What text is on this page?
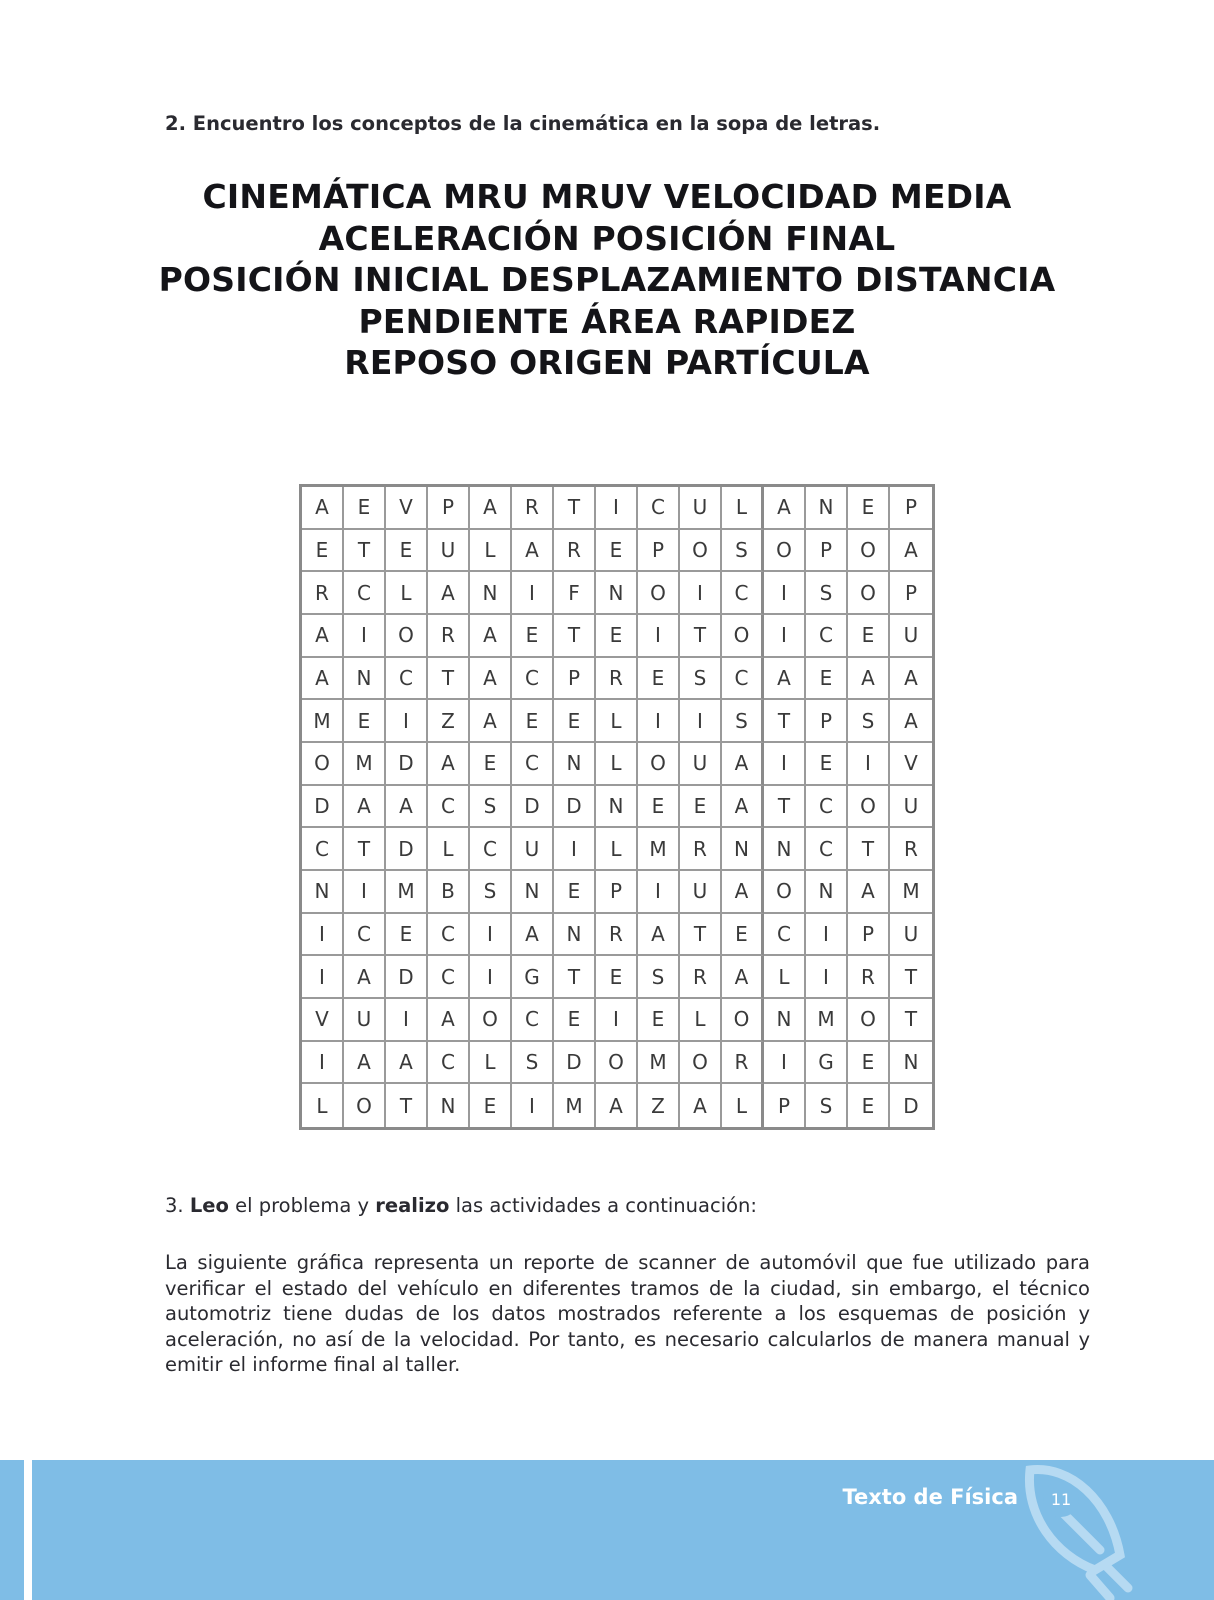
2. Encuentro los conceptos de la cinemática en la sopa de letras.
CINEMÁTICA MRU MRUV VELOCIDAD MEDIA
ACELERACIÓN POSICIÓN FINAL
POSICIÓN INICIAL DESPLAZAMIENTO DISTANCIA
PENDIENTE ÁREA RAPIDEZ
REPOSO ORIGEN PARTÍCULA
A	E	V	P	A	R	T	I	C	U	L	A	N	E	P
E	T	E	U	L	A	R	E	P	O	S	O	P	O	A
R	C	L	A	N	I	F	N	O	I	C	I	S	O	P
A	I	O	R	A	E	T	E	I	T	O	I	C	E	U
A	N	C	T	A	C	P	R	E	S	C	A	E	A	A
M	E	I	Z	A	E	E	L	I	I	S	T	P	S	A
O	M	D	A	E	C	N	L	O	U	A	I	E	I	V
D	A	A	C	S	D	D	N	E	E	A	T	C	O	U
C	T	D	L	C	U	I	L	M	R	N	N	C	T	R
N	I	M	B	S	N	E	P	I	U	A	O	N	A	M
I	C	E	C	I	A	N	R	A	T	E	C	I	P	U
I	A	D	C	I	G	T	E	S	R	A	L	I	R	T
V	U	I	A	O	C	E	I	E	L	O	N	M	O	T
I	A	A	C	L	S	D	O	M	O	R	I	G	E	N
L	O	T	N	E	I	M	A	Z	A	L	P	S	E	D
3. Leo el problema y realizo las actividades a continuación:
La siguiente gráfica representa un reporte de scanner de automóvil que fue utilizado para verificar el estado del vehículo en diferentes tramos de la ciudad, sin embargo, el técnico automotriz tiene dudas de los datos mostrados referente a los esquemas de posición y aceleración, no así de la velocidad. Por tanto, es necesario calcularlos de manera manual y emitir el informe final al taller.
Texto de Física	11
